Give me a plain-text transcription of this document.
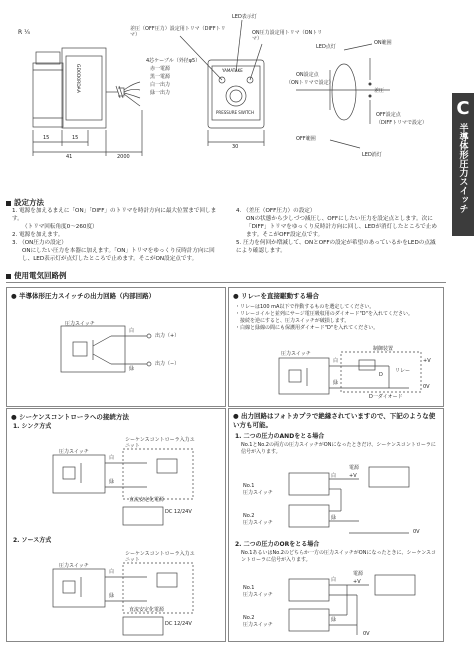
R ¼
GD0D0RDAA
15	15
41	2000
30
4芯ケーブル（外径φ5）
赤一電源
黒一電源
白一出力
緑一出力
差圧（OFF圧力）設定用トリマ（DIFFトリマ）
LED表示灯
ON圧力設定用トリマ（ONトリマ）
YAMATAKE
PRESSURE SWITCH
LED点灯
ON範囲
ON設定点
（ONトリマで設定）
差圧
OFF設定点
（DIFFトリマで設定）
OFF範囲
LED消灯
C
半導体形圧力スイッチ
設定方法
1. 電源を加えるまえに「ON」「DIFF」のトリマを時計方向に最大位置まで回します。
（トリマ回転角度0～260度）
2. 電源を加えます。
3. （ON圧力の設定）
ONにしたい圧力を本器に加えます。「ON」トリマをゆっくり反時計方向に回し、LED表示灯が点灯したところで止めます。そこがON設定点です。
4. （差圧（OFF圧力）の設定）
ONの状態から少しづつ減圧し、OFFにしたい圧力を設定点とします。次に「DIFF」トリマをゆっくり反時計方向に回し、LEDが消灯したところで止めます。そこがOFF設定点です。
5. 圧力を何回か増減して、ONとOFFの設定が希望のあっているかをLEDの点滅により確認します。
使用電気回路例
● 半導体形圧力スイッチの出力回路（内部回路）
圧力スイッチ
白
緑
出力（+）
出力（−）
● リレーを直接駆動する場合
・リレーは100 mA以下で作動するものを選定してください。
・リレーコイルと並列にサージ電圧吸収用のダイオード"D"を入れてください。
　接続を逆にすると、圧力スイッチが破損します。
・白線と緑線の間にも保護用ダイオード"D"を入れてください。
制御装置
圧力スイッチ
白
緑
+V
0V
リレー
D
D一ダイオード
● シーケンスコントローラへの接続方法
1. シンク方式
圧力スイッチ
シーケンスコントローラ入力ユニット
白
緑
直流安定化電源
DC 12/24V
2. ソース方式
圧力スイッチ
シーケンスコントローラ入力ユニット
白
緑
直流安定化電源
DC 12/24V
● 出力回路はフォトカプラで絶縁されていますので、下記のような使い方も可能。
1. 二つの圧力のANDをとる場合
No.1とNo.2の両方の圧力スイッチがONになったときだけ、シーケンスコントローラに信号が入ります。
No.1
圧力スイッチ
No.2
圧力スイッチ
電源
+V
0V
白
緑
2. 二つの圧力のORをとる場合
No.1あるいはNo.2のどちらか一方の圧力スイッチがONになったときに、シーケンスコントローラに信号が入ります。
No.1
圧力スイッチ
No.2
圧力スイッチ
電源
+V
0V
白
緑
